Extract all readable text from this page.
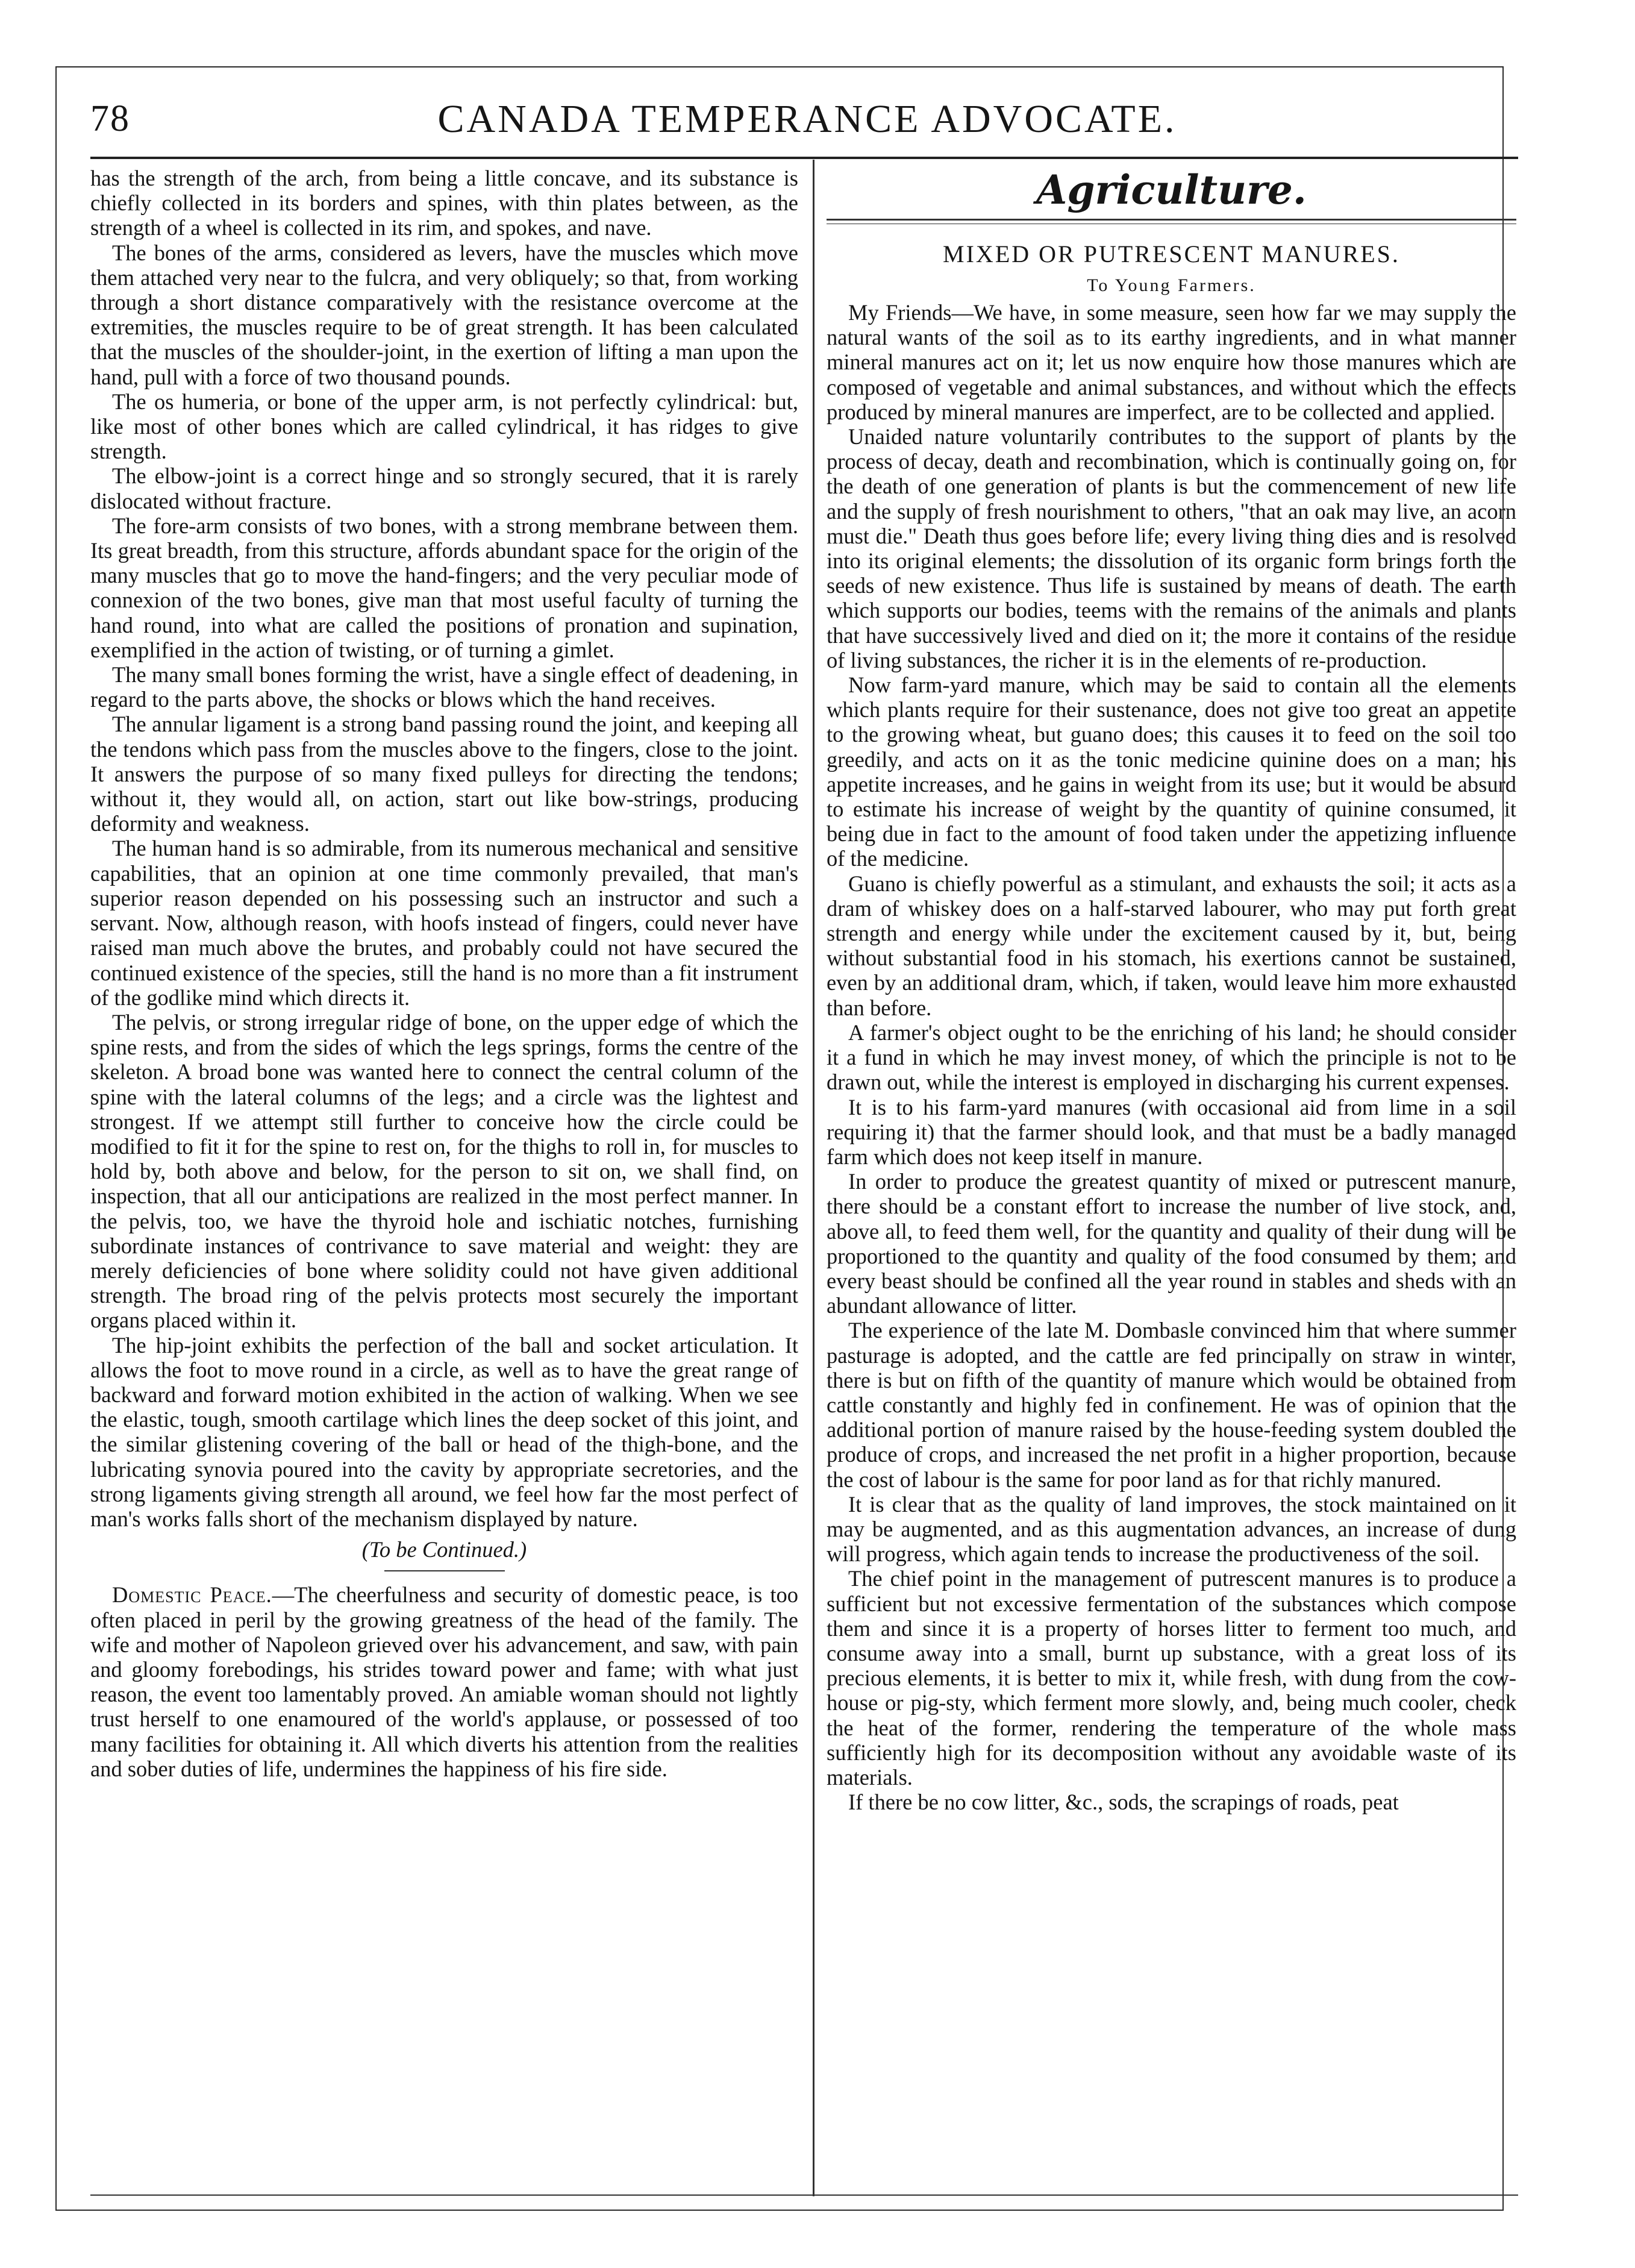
78	CANADA TEMPERANCE ADVOCATE.

has the strength of the arch, from being a little concave, and its substance is chiefly collected in its borders and spines, with thin plates between, as the strength of a wheel is collected in its rim, and spokes, and nave.

The bones of the arms, considered as levers, have the muscles which move them attached very near to the fulcra, and very obliquely; so that, from working through a short distance comparatively with the resistance overcome at the extremities, the muscles require to be of great strength. It has been calculated that the muscles of the shoulder-joint, in the exertion of lifting a man upon the hand, pull with a force of two thousand pounds.

The os humeria, or bone of the upper arm, is not perfectly cylindrical: but, like most of other bones which are called cylindrical, it has ridges to give strength.

The elbow-joint is a correct hinge and so strongly secured, that it is rarely dislocated without fracture.

The fore-arm consists of two bones, with a strong membrane between them. Its great breadth, from this structure, affords abundant space for the origin of the many muscles that go to move the hand-fingers; and the very peculiar mode of connexion of the two bones, give man that most useful faculty of turning the hand round, into what are called the positions of pronation and supination, exemplified in the action of twisting, or of turning a gimlet.

The many small bones forming the wrist, have a single effect of deadening, in regard to the parts above, the shocks or blows which the hand receives.

The annular ligament is a strong band passing round the joint, and keeping all the tendons which pass from the muscles above to the fingers, close to the joint. It answers the purpose of so many fixed pulleys for directing the tendons; without it, they would all, on action, start out like bow-strings, producing deformity and weakness.

The human hand is so admirable, from its numerous mechanical and sensitive capabilities, that an opinion at one time commonly prevailed, that man's superior reason depended on his possessing such an instructor and such a servant. Now, although reason, with hoofs instead of fingers, could never have raised man much above the brutes, and probably could not have secured the continued existence of the species, still the hand is no more than a fit instrument of the godlike mind which directs it.

The pelvis, or strong irregular ridge of bone, on the upper edge of which the spine rests, and from the sides of which the legs springs, forms the centre of the skeleton. A broad bone was wanted here to connect the central column of the spine with the lateral columns of the legs; and a circle was the lightest and strongest. If we attempt still further to conceive how the circle could be modified to fit it for the spine to rest on, for the thighs to roll in, for muscles to hold by, both above and below, for the person to sit on, we shall find, on inspection, that all our anticipations are realized in the most perfect manner. In the pelvis, too, we have the thyroid hole and ischiatic notches, furnishing subordinate instances of contrivance to save material and weight: they are merely deficiencies of bone where solidity could not have given additional strength. The broad ring of the pelvis protects most securely the important organs placed within it.

The hip-joint exhibits the perfection of the ball and socket articulation. It allows the foot to move round in a circle, as well as to have the great range of backward and forward motion exhibited in the action of walking. When we see the elastic, tough, smooth cartilage which lines the deep socket of this joint, and the similar glistening covering of the ball or head of the thigh-bone, and the lubricating synovia poured into the cavity by appropriate secretories, and the strong ligaments giving strength all around, we feel how far the most perfect of man's works falls short of the mechanism displayed by nature.

(To be Continued.)

Domestic Peace.—The cheerfulness and security of domestic peace, is too often placed in peril by the growing greatness of the head of the family. The wife and mother of Napoleon grieved over his advancement, and saw, with pain and gloomy forebodings, his strides toward power and fame; with what just reason, the event too lamentably proved. An amiable woman should not lightly trust herself to one enamoured of the world's applause, or possessed of too many facilities for obtaining it. All which diverts his attention from the realities and sober duties of life, undermines the happiness of his fire side.

Agriculture.
MIXED OR PUTRESCENT MANURES.
To Young Farmers.

My Friends—We have, in some measure, seen how far we may supply the natural wants of the soil as to its earthy ingredients, and in what manner mineral manures act on it; let us now enquire how those manures which are composed of vegetable and animal substances, and without which the effects produced by mineral manures are imperfect, are to be collected and applied.

Unaided nature voluntarily contributes to the support of plants by the process of decay, death and recombination, which is continually going on, for the death of one generation of plants is but the commencement of new life and the supply of fresh nourishment to others, "that an oak may live, an acorn must die." Death thus goes before life; every living thing dies and is resolved into its original elements; the dissolution of its organic form brings forth the seeds of new existence. Thus life is sustained by means of death. The earth which supports our bodies, teems with the remains of the animals and plants that have successively lived and died on it; the more it contains of the residue of living substances, the richer it is in the elements of re-production.

Now farm-yard manure, which may be said to contain all the elements which plants require for their sustenance, does not give too great an appetite to the growing wheat, but guano does; this causes it to feed on the soil too greedily, and acts on it as the tonic medicine quinine does on a man; his appetite increases, and he gains in weight from its use; but it would be absurd to estimate his increase of weight by the quantity of quinine consumed, it being due in fact to the amount of food taken under the appetizing influence of the medicine.

Guano is chiefly powerful as a stimulant, and exhausts the soil; it acts as a dram of whiskey does on a half-starved labourer, who may put forth great strength and energy while under the excitement caused by it, but, being without substantial food in his stomach, his exertions cannot be sustained, even by an additional dram, which, if taken, would leave him more exhausted than before.

A farmer's object ought to be the enriching of his land; he should consider it a fund in which he may invest money, of which the principle is not to be drawn out, while the interest is employed in discharging his current expenses.

It is to his farm-yard manures (with occasional aid from lime in a soil requiring it) that the farmer should look, and that must be a badly managed farm which does not keep itself in manure.

In order to produce the greatest quantity of mixed or putrescent manure, there should be a constant effort to increase the number of live stock, and, above all, to feed them well, for the quantity and quality of their dung will be proportioned to the quantity and quality of the food consumed by them; and every beast should be confined all the year round in stables and sheds with an abundant allowance of litter.

The experience of the late M. Dombasle convinced him that where summer pasturage is adopted, and the cattle are fed principally on straw in winter, there is but on fifth of the quantity of manure which would be obtained from cattle constantly and highly fed in confinement. He was of opinion that the additional portion of manure raised by the house-feeding system doubled the produce of crops, and increased the net profit in a higher proportion, because the cost of labour is the same for poor land as for that richly manured.

It is clear that as the quality of land improves, the stock maintained on it may be augmented, and as this augmentation advances, an increase of dung will progress, which again tends to increase the productiveness of the soil.

The chief point in the management of putrescent manures is to produce a sufficient but not excessive fermentation of the substances which compose them and since it is a property of horses litter to ferment too much, and consume away into a small, burnt up substance, with a great loss of its precious elements, it is better to mix it, while fresh, with dung from the cow-house or pig-sty, which ferment more slowly, and, being much cooler, check the heat of the former, rendering the temperature of the whole mass sufficiently high for its decomposition without any avoidable waste of its materials.

If there be no cow litter, &c., sods, the scrapings of roads, peat
